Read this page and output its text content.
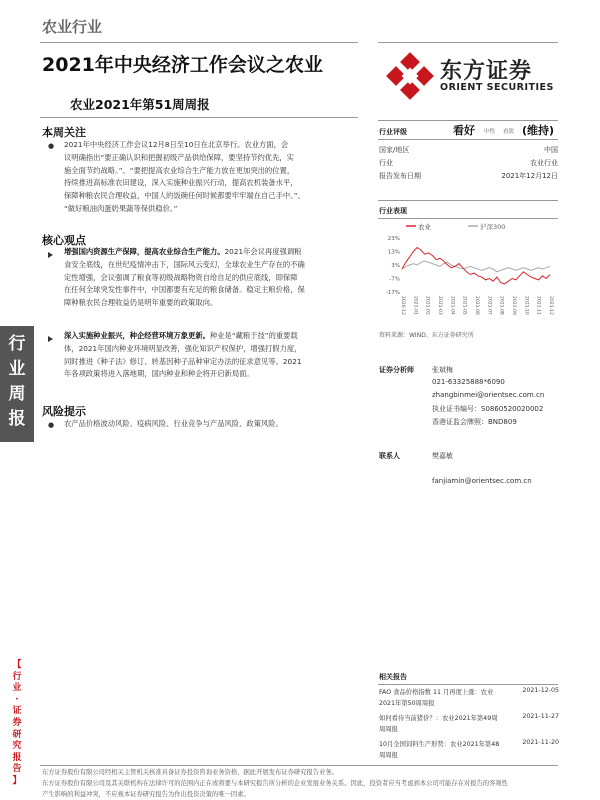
农业行业
2021年中央经济工作会议之农业
农业2021年第51周周报
东方证券
ORIENT SECURITIES
本周关注
● 2021年中央经济工作会议12月8日至10日在北京举行。农业方面，会
议明确指出“要正确认识和把握初级产品供给保障，要坚持节约优先，实
施全面节约战略。”、“要把提高农业综合生产能力放在更加突出的位置，
持续推进高标准农田建设，深入实施种业振兴行动，提高农机装备水平，
保障种粮农民合理收益，中国人的饭碗任何时候都要牢牢端在自己手中。”、
“做好粮油肉蛋奶果蔬等保供稳价。”
核心观点
增强国内资源生产保障，提高农业综合生产能力。2021年会议再度强调粮
食安全底线，在世纪疫情冲击下，国际风云变幻，全球农业生产存在的不确
定性增强，会议强调了粮食等初级战略物资自给自足的供应底线，即保障
在任何全球突发性事件中，中国都要有充足的粮食储备。稳定主粮价格，保
障种粮农民合理收益仍是明年重要的政策取向。
深入实施种业振兴，种企经营环境万象更新。种业是“藏粮于技”的重要载
体，2021年国内种业环境明显改善，强化知识产权保护，增强打假力度，
同时推进《种子法》修订、转基因种子品种审定办法的征求意见等。2021
年各项政策将进入落地期，国内种业和种企将开启新局面。
风险提示
● 农产品价格波动风险、疫病风险、行业竞争与产品风险、政策风险。
行
业
周
报
【
行
业
·
证
券
研
究
报
告
】
行业评级	看好 中性 看淡 (维持)
国家/地区	中国
行业	农业行业
报告发布日期	2021年12月12日
行业表现
农业	沪深300
23%
13%
3%
-7%
-17%
2020-12 2021-01 2021-02 2021-03 2021-04 2021-05 2021-06 2021-07 2021-08 2021-09 2021-10 2021-11 2021-12
资料来源：WIND、东方证券研究所
证券分析师	张斌梅
021-63325888*6090
zhangbinmei@orientsec.com.cn
执业证书编号：S0860520020002
香港证监会牌照：BND809
联系人	樊嘉敏
fanjiamin@orientsec.com.cn
相关报告
FAO 食品价格指数 11 月再度上涨：农业
2021年第50周周报
2021-12-05
如何看待当前猪价？：农业2021年第49周
周周报
2021-11-27
10月全国饲料生产形势：农业2021年第48
周周报
2021-11-20
东方证券股份有限公司经相关主管机关核准具备证券投资咨询业务资格，据此开展发布证券研究报告业务。
东方证券股份有限公司及其关联机构在法律许可的范围内正在或将要与本研究报告所分析的企业发展业务关系。因此，投资者应当考虑到本公司可能存在对报告的客观性
产生影响的利益冲突，不应视本证券研究报告为作出投资决策的唯一因素。
